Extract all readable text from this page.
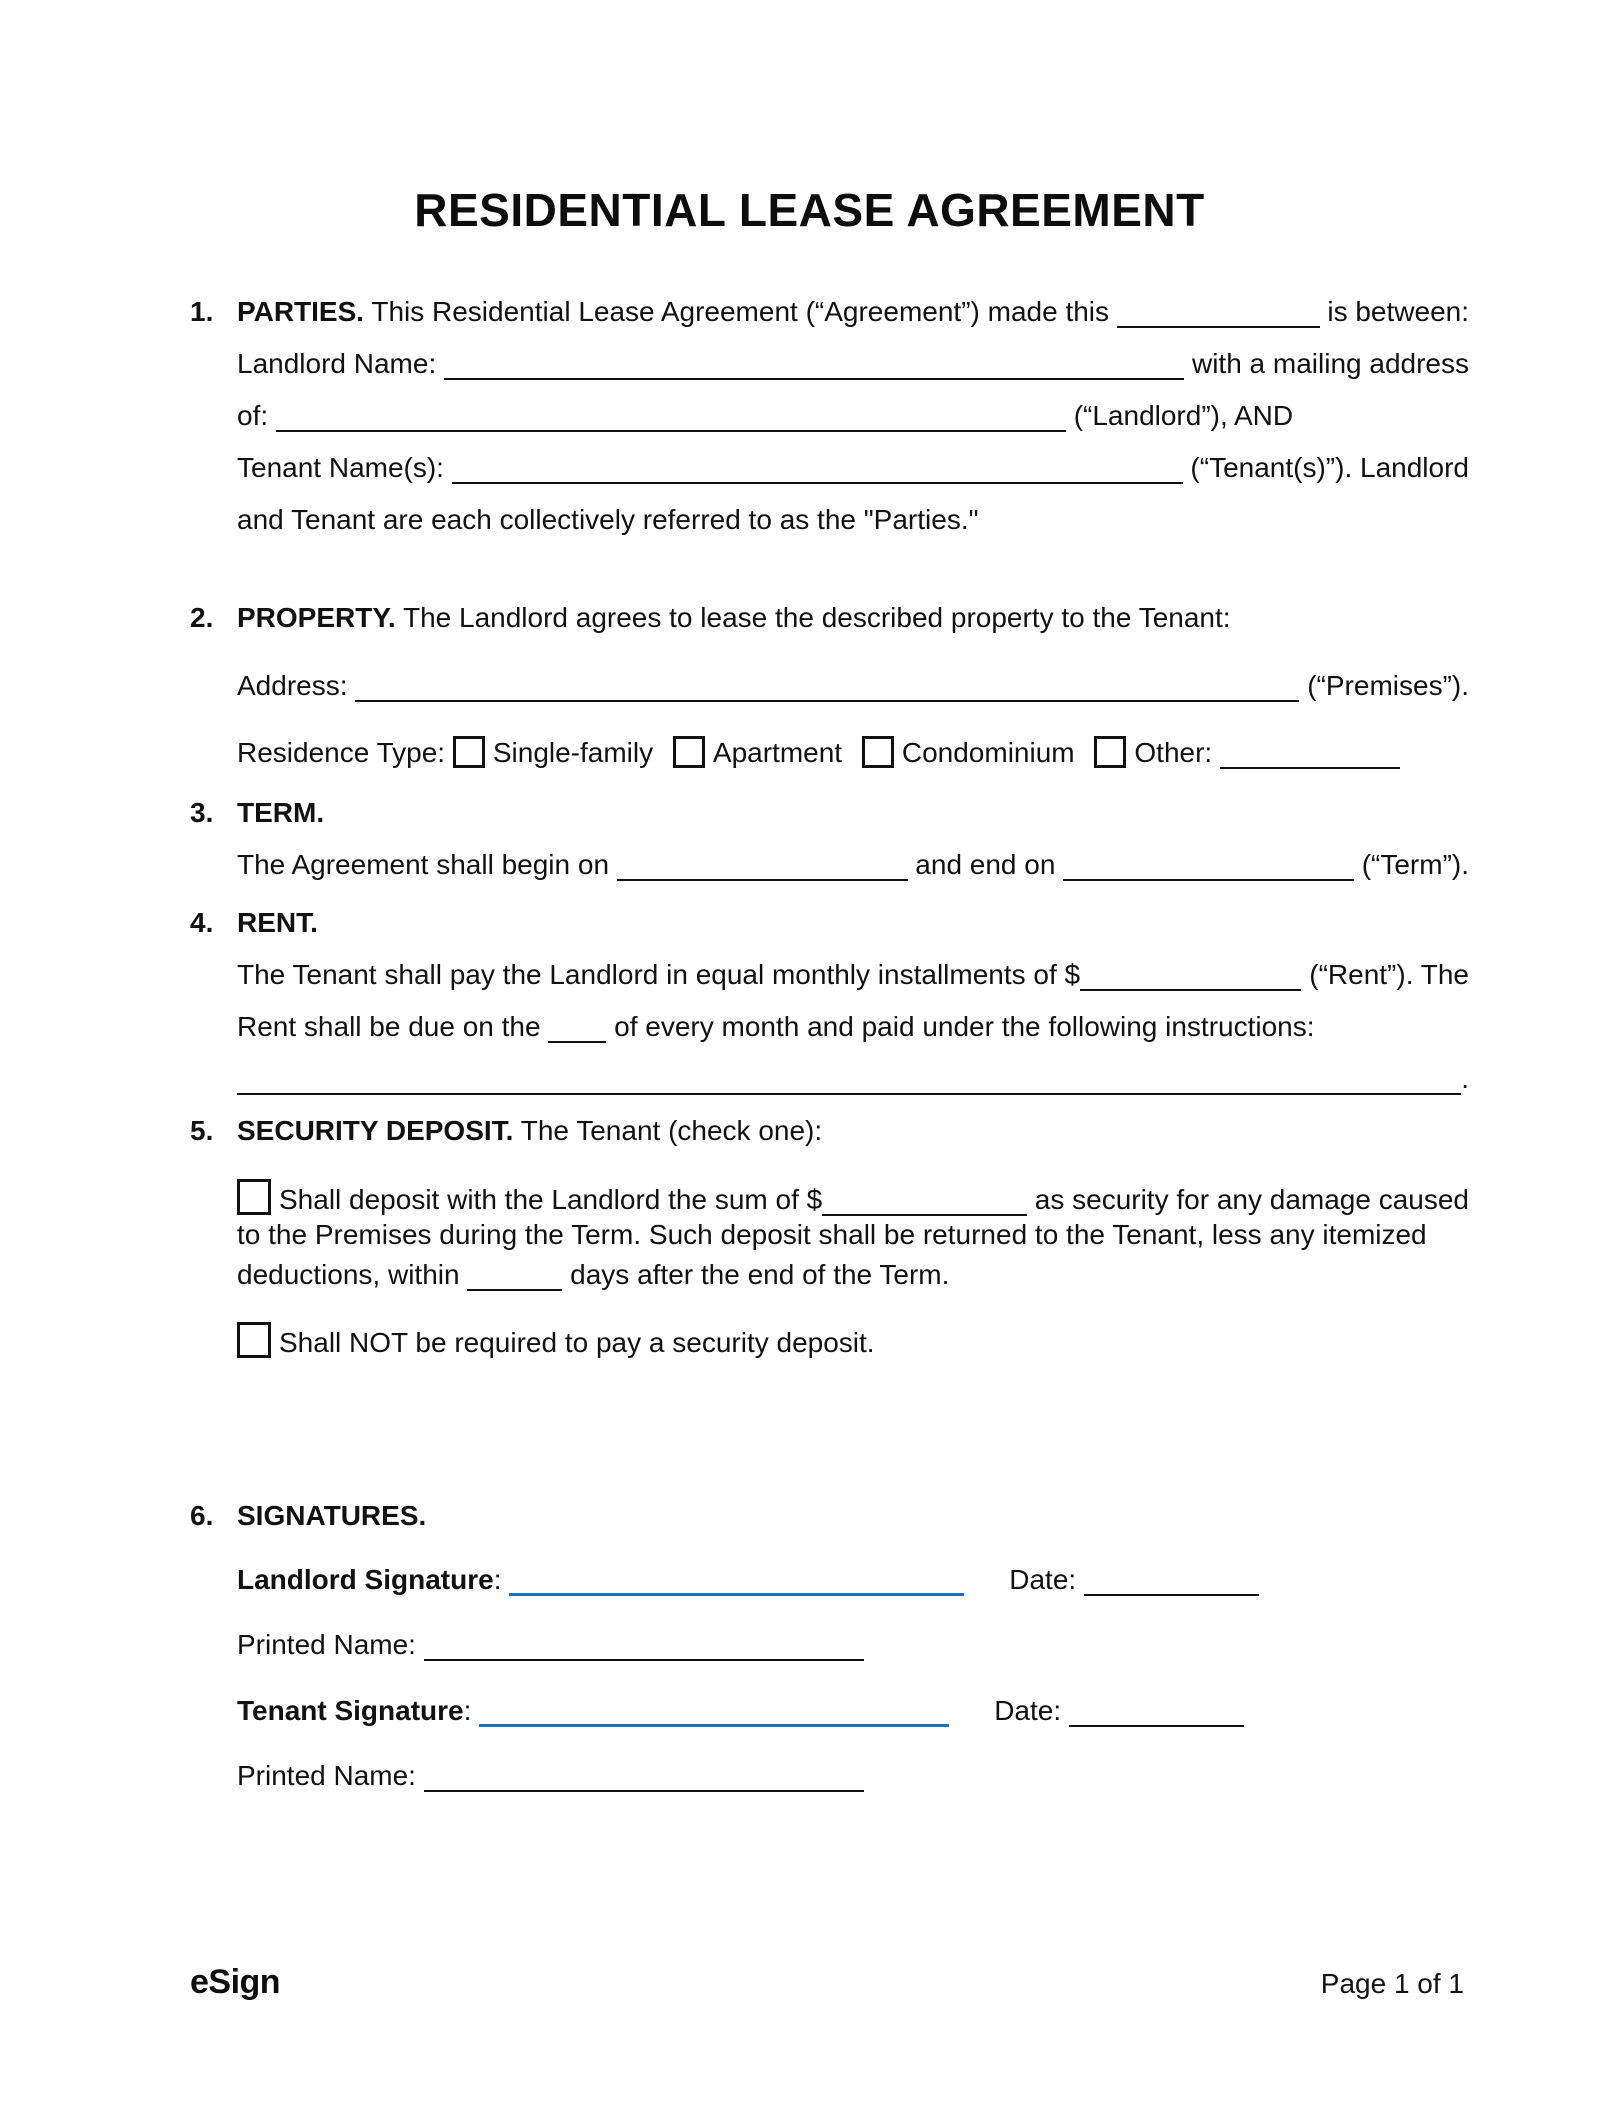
RESIDENTIAL LEASE AGREEMENT
1. PARTIES. This Residential Lease Agreement (“Agreement”) made this	is between:
Landlord Name:	with a mailing address
of:	(“Landlord”), AND
Tenant Name(s):	(“Tenant(s)”). Landlord
and Tenant are each collectively referred to as the "Parties."
2. PROPERTY. The Landlord agrees to lease the described property to the Tenant:
Address:	(“Premises”).
Residence Type: Single-family Apartment Condominium Other:
3. TERM.
The Agreement shall begin on	and end on	(“Term”).
4. RENT.
The Tenant shall pay the Landlord in equal monthly installments of $	(“Rent”). The
Rent shall be due on the of every month and paid under the following instructions:
.
5. SECURITY DEPOSIT. The Tenant (check one):
Shall deposit with the Landlord the sum of $	as security for any damage caused
to the Premises during the Term. Such deposit shall be returned to the Tenant, less any itemized
deductions, within	days after the end of the Term.
Shall NOT be required to pay a security deposit.
6. SIGNATURES.
Landlord Signature :	Date:
Printed Name:
Tenant Signature :	Date:
Printed Name:
eSign	Page 1 of 1
